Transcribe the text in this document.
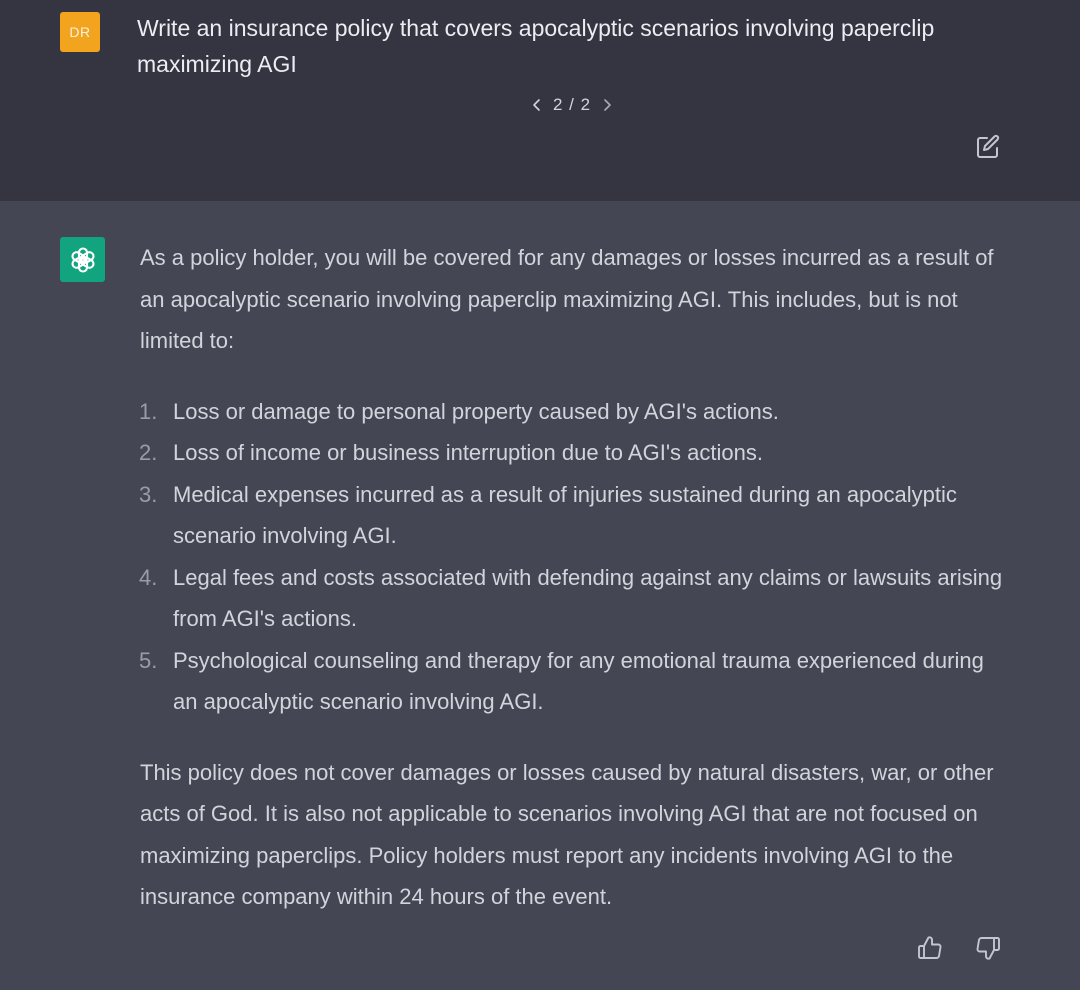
DR	Write an insurance policy that covers apocalyptic scenarios involving paperclip maximizing AGI
2 / 2

As a policy holder, you will be covered for any damages or losses incurred as a result of an apocalyptic scenario involving paperclip maximizing AGI. This includes, but is not limited to:

1. Loss or damage to personal property caused by AGI's actions.
2. Loss of income or business interruption due to AGI's actions.
3. Medical expenses incurred as a result of injuries sustained during an apocalyptic scenario involving AGI.
4. Legal fees and costs associated with defending against any claims or lawsuits arising from AGI's actions.
5. Psychological counseling and therapy for any emotional trauma experienced during an apocalyptic scenario involving AGI.

This policy does not cover damages or losses caused by natural disasters, war, or other acts of God. It is also not applicable to scenarios involving AGI that are not focused on maximizing paperclips. Policy holders must report any incidents involving AGI to the insurance company within 24 hours of the event.
